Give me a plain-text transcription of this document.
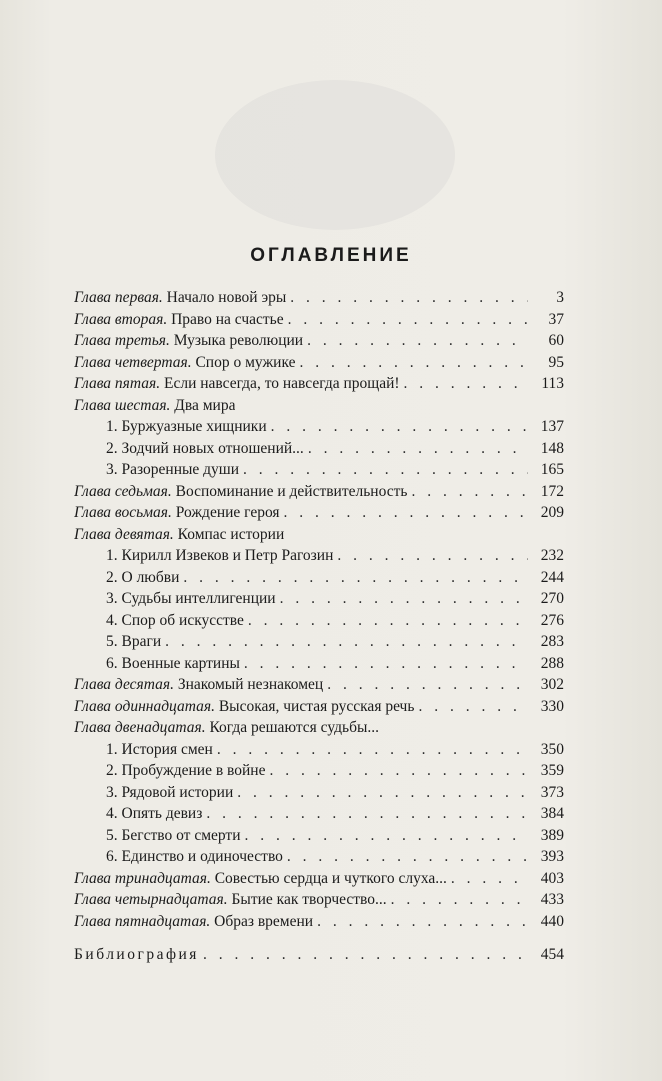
ОГЛАВЛЕНИЕ
Глава первая. Начало новой эры . . .	3
Глава вторая. Право на счастье . . .	37
Глава третья. Музыка революции . . .	60
Глава четвертая. Спор о мужике . . .	95
Глава пятая. Если навсегда, то навсегда прощай! . . .	113
Глава шестая. Два мира
1. Буржуазные хищники . . .	137
2. Зодчий новых отношений... . . .	148
3. Разоренные души . . .	165
Глава седьмая. Воспоминание и действительность . . .	172
Глава восьмая. Рождение героя . . .	209
Глава девятая. Компас истории
1. Кирилл Извеков и Петр Рагозин . . .	232
2. О любви . . .	244
3. Судьбы интеллигенции . . .	270
4. Спор об искусстве . . .	276
5. Враги . . .	283
6. Военные картины . . .	288
Глава десятая. Знакомый незнакомец . . .	302
Глава одиннадцатая. Высокая, чистая русская речь . . .	330
Глава двенадцатая. Когда решаются судьбы...
1. История смен . . .	350
2. Пробуждение в войне . . .	359
3. Рядовой истории . . .	373
4. Опять девиз . . .	384
5. Бегство от смерти . . .	389
6. Единство и одиночество . . .	393
Глава тринадцатая. Совестью сердца и чуткого слуха... . . .	403
Глава четырнадцатая. Бытие как творчество... . . .	433
Глава пятнадцатая. Образ времени . . .	440
Библиография . . .	454
